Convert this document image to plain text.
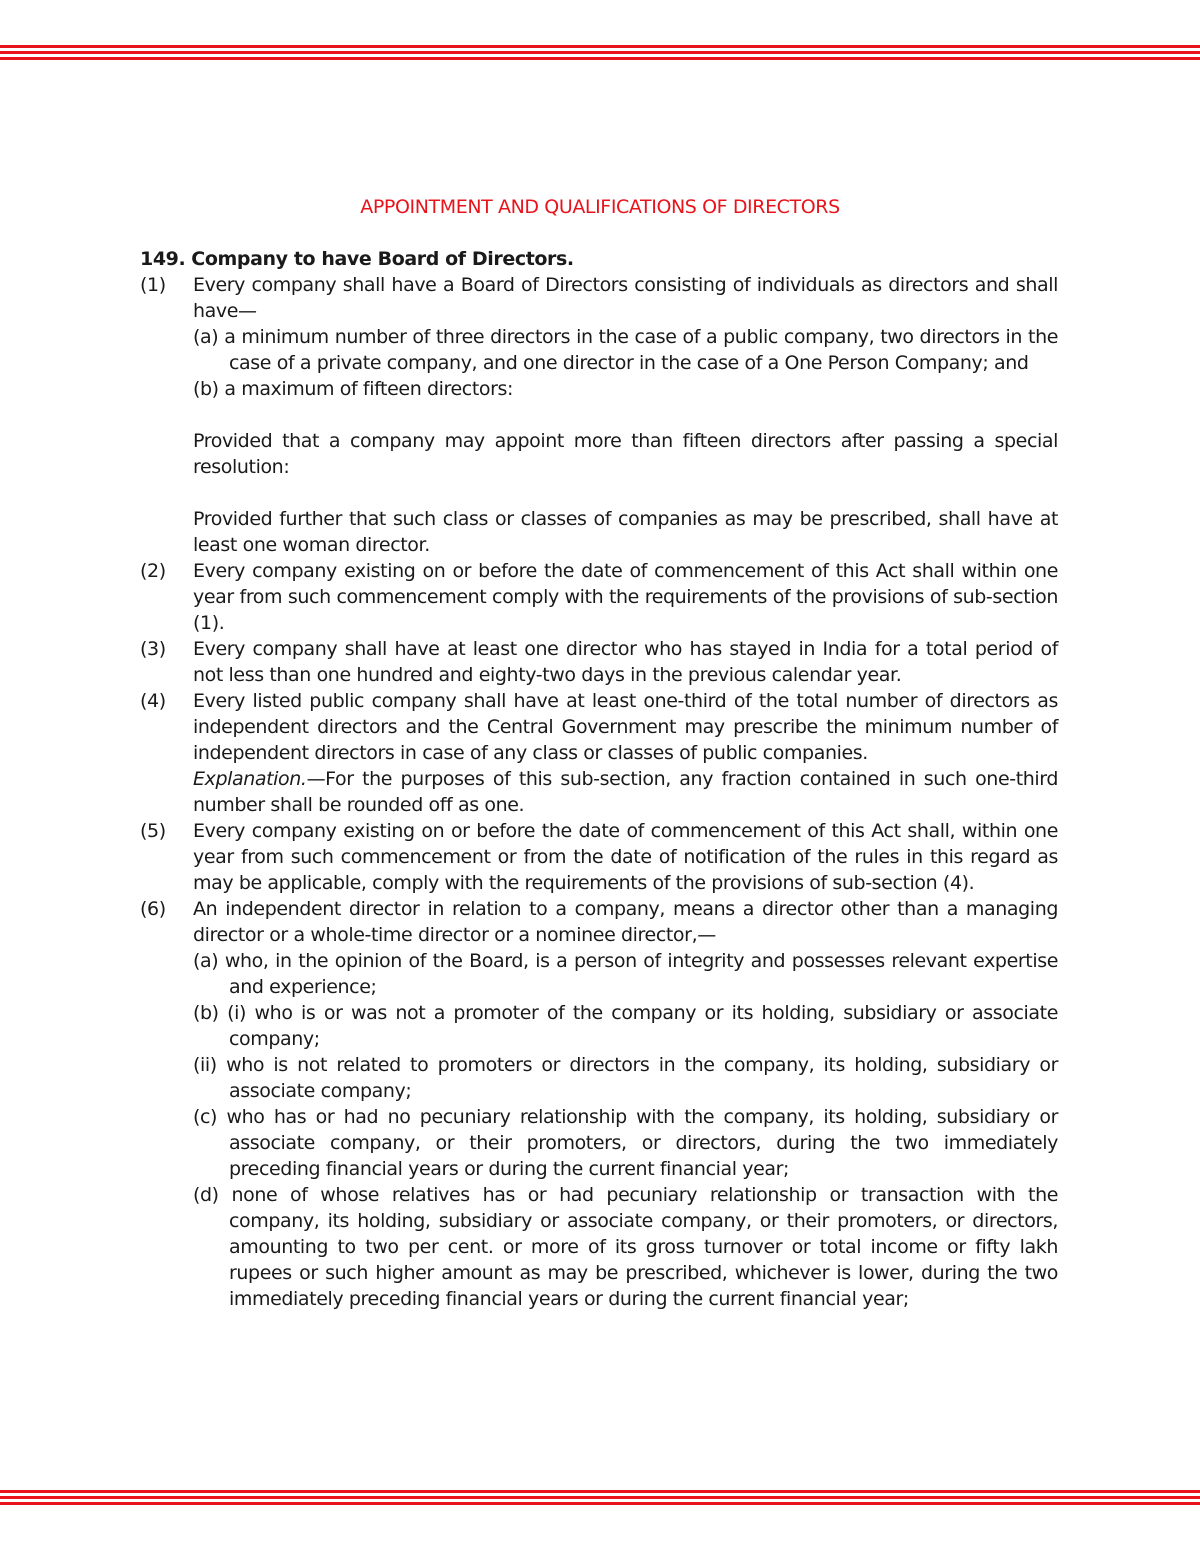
APPOINTMENT AND QUALIFICATIONS OF DIRECTORS
149. Company to have Board of Directors.
(1) Every company shall have a Board of Directors consisting of individuals as directors and shall have—
(a) a minimum number of three directors in the case of a public company, two directors in the case of a private company, and one director in the case of a One Person Company; and
(b) a maximum of fifteen directors:
Provided that a company may appoint more than fifteen directors after passing a special resolution:
Provided further that such class or classes of companies as may be prescribed, shall have at least one woman director.
(2) Every company existing on or before the date of commencement of this Act shall within one year from such commencement comply with the requirements of the provisions of sub-section (1).
(3) Every company shall have at least one director who has stayed in India for a total period of not less than one hundred and eighty-two days in the previous calendar year.
(4) Every listed public company shall have at least one-third of the total number of directors as independent directors and the Central Government may prescribe the minimum number of independent directors in case of any class or classes of public companies.
Explanation.—For the purposes of this sub-section, any fraction contained in such one-third number shall be rounded off as one.
(5) Every company existing on or before the date of commencement of this Act shall, within one year from such commencement or from the date of notification of the rules in this regard as may be applicable, comply with the requirements of the provisions of sub-section (4).
(6) An independent director in relation to a company, means a director other than a managing director or a whole-time director or a nominee director,—
(a) who, in the opinion of the Board, is a person of integrity and possesses relevant expertise and experience;
(b) (i) who is or was not a promoter of the company or its holding, subsidiary or associate company;
(ii) who is not related to promoters or directors in the company, its holding, subsidiary or associate company;
(c) who has or had no pecuniary relationship with the company, its holding, subsidiary or associate company, or their promoters, or directors, during the two immediately preceding financial years or during the current financial year;
(d) none of whose relatives has or had pecuniary relationship or transaction with the company, its holding, subsidiary or associate company, or their promoters, or directors, amounting to two per cent. or more of its gross turnover or total income or fifty lakh rupees or such higher amount as may be prescribed, whichever is lower, during the two immediately preceding financial years or during the current financial year;
